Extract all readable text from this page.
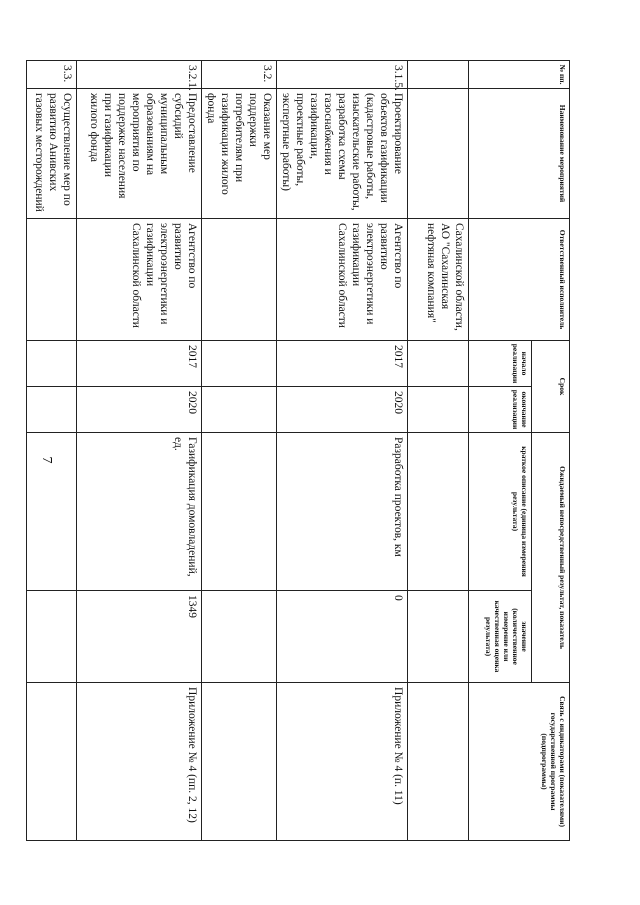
7
№ пп.	Наименование мероприятий	Ответственный исполнитель	Срок		Ожидаемый непосредственный результат, показатель		Связь с индикаторами (показателями) государственной программы (подпрограммы)
			начало реализации	окончание реализации	краткое описание (единица измерения результата)	значение (количественное измерение или качественная оценка результата)	
		Сахалинской области, АО "Сахалинская нефтяная компания"					
3.1.5.	Проектирование объектов газификации (кадастровые работы, изыскательские работы, разработка схемы газоснабжения и газификации, проектные работы, экспертные работы)	Агентство по развитию электроэнергетики и газификации Сахалинской области	2017	2020	Разработка проектов, км	0	Приложение № 4 (п. 11)
3.2.	Оказание мер поддержки потребителям при газификации жилого фонда						
3.2.1.	Предоставление субсидий муниципальным образованиям на мероприятия по поддержке населения при газификации жилого фонда	Агентство по развитию электроэнергетики и газификации Сахалинской области	2017	2020	Газификация домовладений, ед.	1349	Приложение № 4 (пп. 2, 12)
3.3.	Осуществление мер по развитию Анивских газовых месторождений						
